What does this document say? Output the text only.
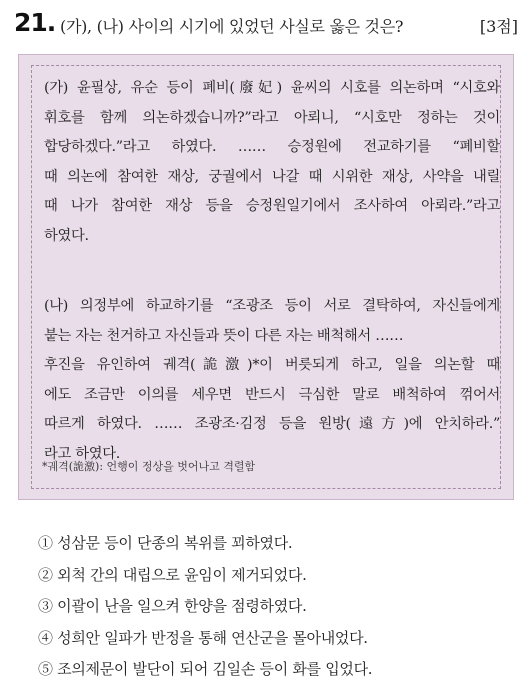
21. (가), (나) 사이의 시기에 있었던 사실로 옳은 것은?	[3점]
(가) 윤필상, 유순 등이 폐비(廢妃) 윤씨의 시호를 의논하며 “시호와
휘호를 함께 의논하겠습니까?”라고 아뢰니, “시호만 정하는 것이
합당하겠다.”라고 하였다. …… 승정원에 전교하기를 “폐비할
때 의논에 참여한 재상, 궁궐에서 나갈 때 시위한 재상, 사약을 내릴
때 나가 참여한 재상 등을 승정원일기에서 조사하여 아뢰라.”라고
하였다.
(나) 의정부에 하교하기를 “조광조 등이 서로 결탁하여, 자신들에게
붙는 자는 천거하고 자신들과 뜻이 다른 자는 배척해서 ……
후진을 유인하여 궤격(詭激)*이 버릇되게 하고, 일을 의논할 때
에도 조금만 이의를 세우면 반드시 극심한 말로 배척하여 꺾어서
따르게 하였다. …… 조광조·김정 등을 원방(遠方)에 안치하라.”
라고 하였다.
*궤격(詭激): 언행이 정상을 벗어나고 격렬함
① 성삼문 등이 단종의 복위를 꾀하였다.
② 외척 간의 대립으로 윤임이 제거되었다.
③ 이괄이 난을 일으켜 한양을 점령하였다.
④ 성희안 일파가 반정을 통해 연산군을 몰아내었다.
⑤ 조의제문이 발단이 되어 김일손 등이 화를 입었다.
